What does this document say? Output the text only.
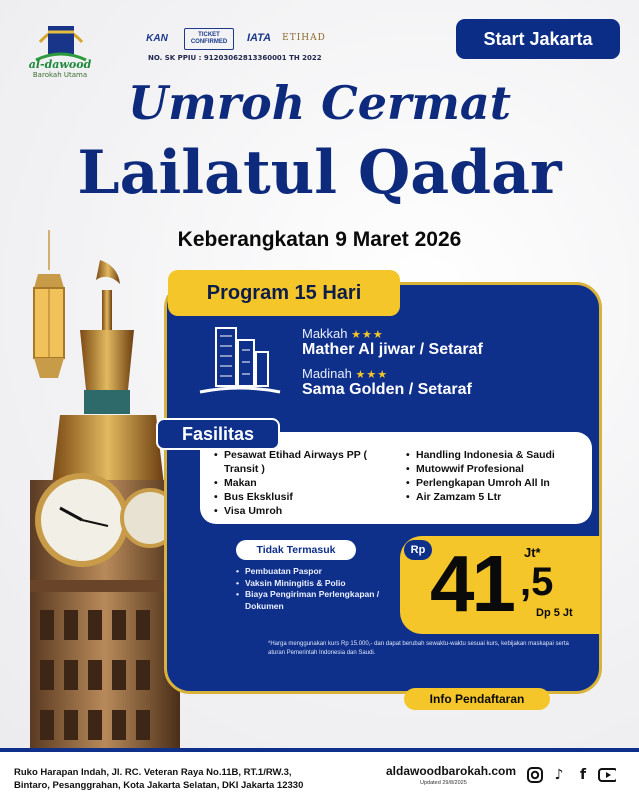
al-dawood
Barokah Utama
KAN	TICKET CONFIRMED	IATA	ETIHAD
NO. SK PPIU : 91203062813360001 TH 2022
Start Jakarta
Umroh Cermat
Lailatul Qadar
Keberangkatan 9 Maret 2026
Program 15 Hari
Makkah ★★★
Mather Al jiwar / Setaraf
Madinah ★★★
Sama Golden / Setaraf
Fasilitas
• Pesawat Etihad Airways PP ( Transit )
• Makan
• Bus Eksklusif
• Visa Umroh
• Handling Indonesia & Saudi
• Mutowwif Profesional
• Perlengkapan Umroh All In
• Air Zamzam 5 Ltr
Tidak Termasuk
• Pembuatan Paspor
• Vaksin Miningitis & Polio
• Biaya Pengiriman Perlengkapan / Dokumen
Rp 41 Jt*
,5
Dp 5 Jt
*Harga menggunakan kurs Rp 15.000,- dan dapat berubah sewaktu-waktu sesuai kurs, kebijakan maskapai serta aturan Pemerintah Indonesia dan Saudi.
Info Pendaftaran
Ruko Harapan Indah, Jl. RC. Veteran Raya No.11B, RT.1/RW.3,
Bintaro, Pesanggrahan, Kota Jakarta Selatan, DKI Jakarta 12330
aldawoodbarokah.com
Updated 29/8/2025	♪	f
